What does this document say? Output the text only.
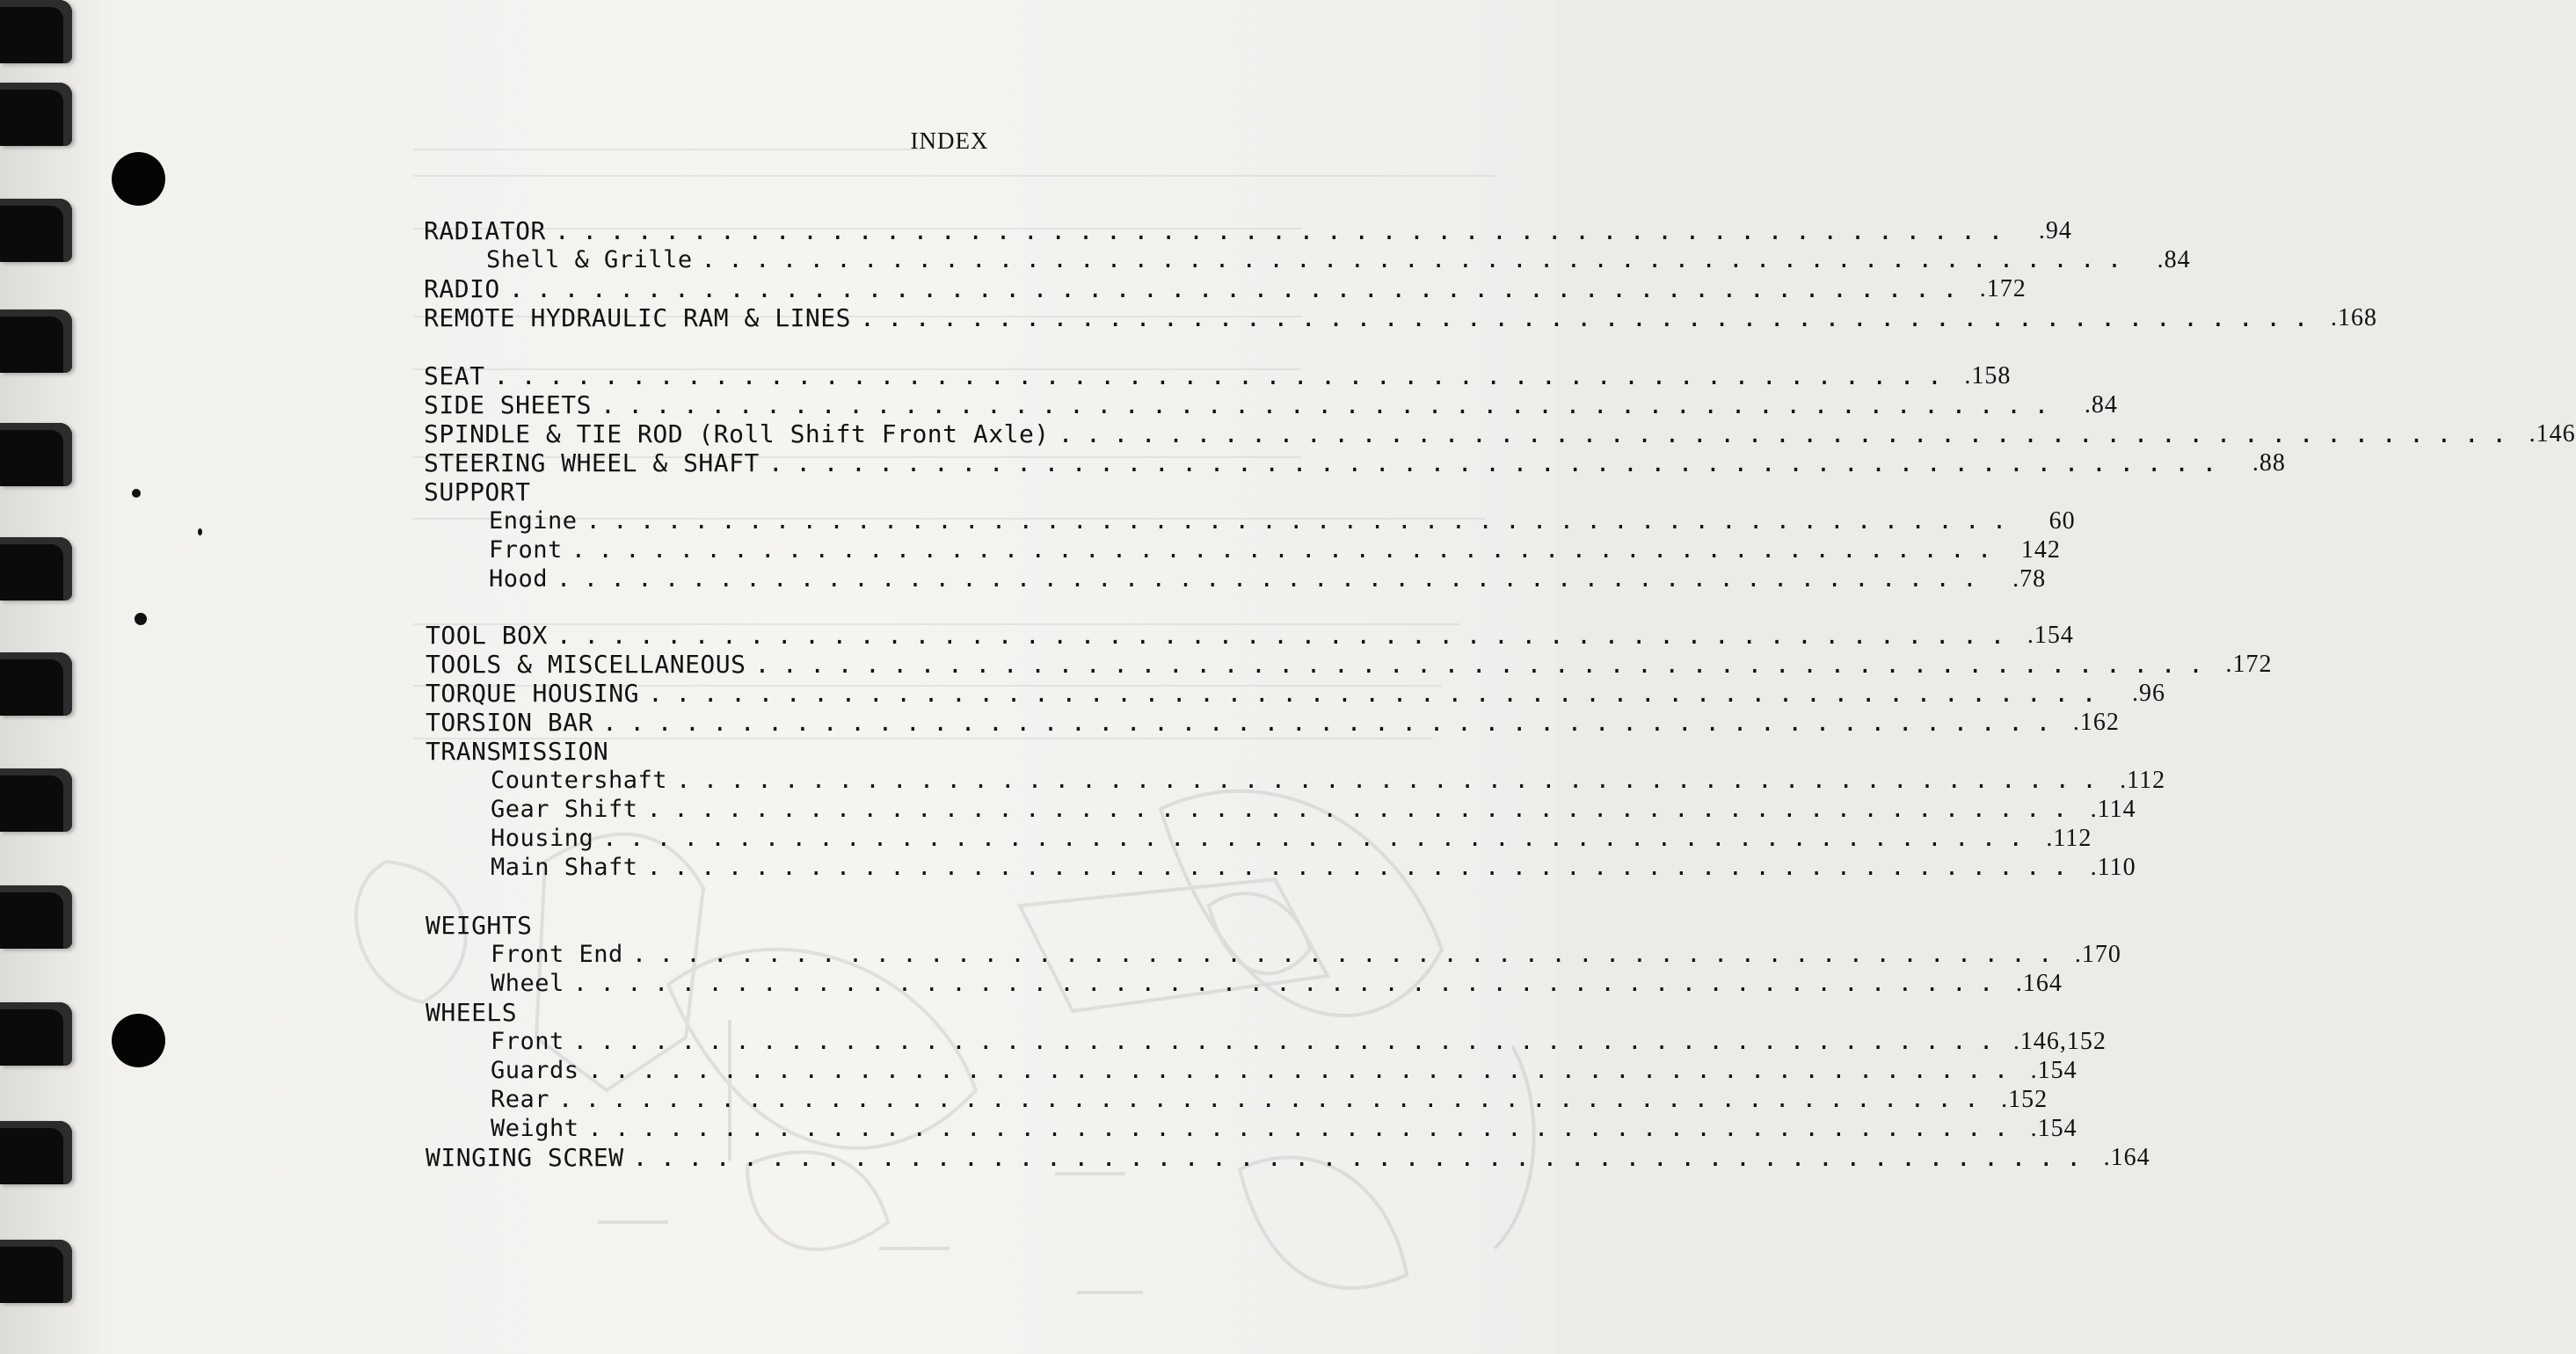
INDEX
RADIATOR ..................................................... .94
Shell & Grille ..................................................... .84
RADIO ..................................................... .172
REMOTE HYDRAULIC RAM & LINES ..................................................... .168
SEAT ..................................................... .158
SIDE SHEETS ..................................................... .84
SPINDLE & TIE ROD (Roll Shift Front Axle) ..................................................... .146
STEERING WHEEL & SHAFT ..................................................... .88
SUPPORT
Engine .....................................................	60
Front ..................................................... 142
Hood ..................................................... .78
TOOL BOX ..................................................... .154
TOOLS & MISCELLANEOUS ..................................................... .172
TORQUE HOUSING ..................................................... .96
TORSION BAR ..................................................... .162
TRANSMISSION
Countershaft ..................................................... .112
Gear Shift ..................................................... .114
Housing ..................................................... .112
Main Shaft ..................................................... .110
WEIGHTS
Front End ..................................................... .170
Wheel ..................................................... .164
WHEELS
Front ..................................................... .146,152
Guards ..................................................... .154
Rear ..................................................... .152
Weight ..................................................... .154
WINGING SCREW ..................................................... .164
